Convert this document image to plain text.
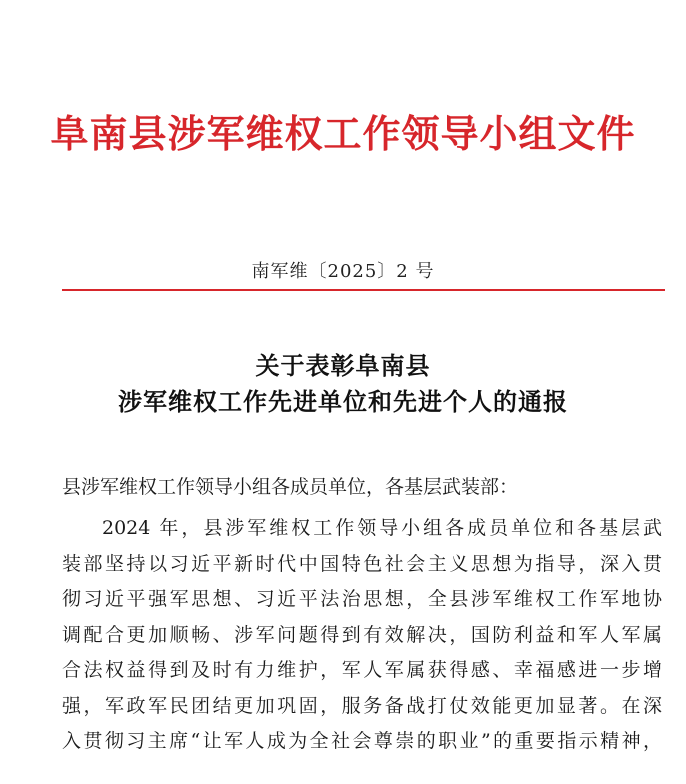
阜南县涉军维权工作领导小组文件
南军维〔2025〕2 号
关于表彰阜南县
涉军维权工作先进单位和先进个人的通报
县涉军维权工作领导小组各成员单位，各基层武装部：
2024 年，县涉军维权工作领导小组各成员单位和各基层武
装部坚持以习近平新时代中国特色社会主义思想为指导，深入贯
彻习近平强军思想、习近平法治思想，全县涉军维权工作军地协
调配合更加顺畅、涉军问题得到有效解决，国防利益和军人军属
合法权益得到及时有力维护，军人军属获得感、幸福感进一步增
强，军政军民团结更加巩固，服务备战打仗效能更加显著。在深
入贯彻习主席“让军人成为全社会尊崇的职业”的重要指示精神，
